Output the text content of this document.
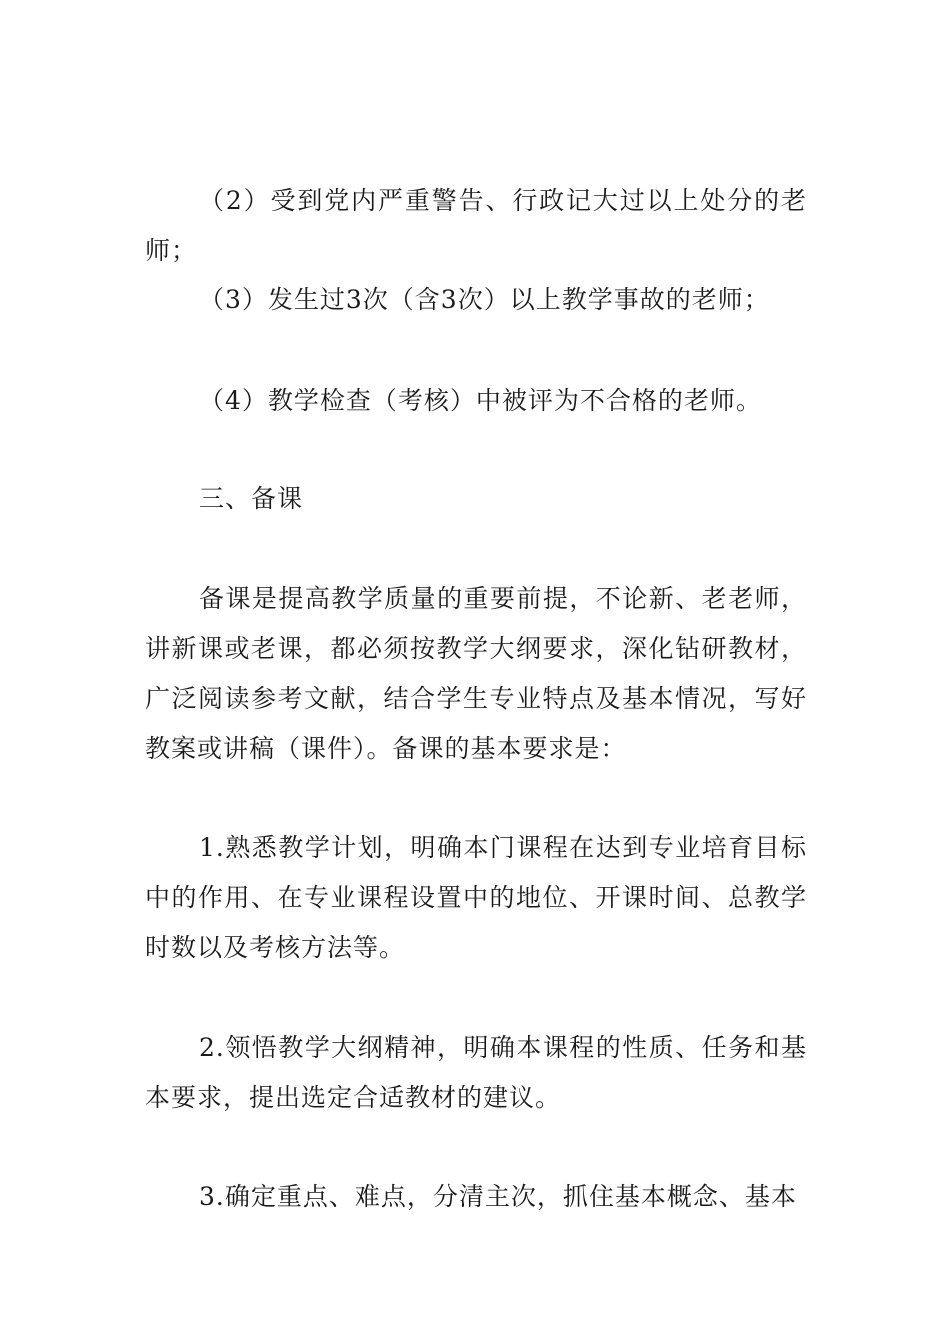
（2）受到党内严重警告、行政记大过以上处分的老师；

（3）发生过3次（含3次）以上教学事故的老师；

（4）教学检查（考核）中被评为不合格的老师。

三、备课

备课是提高教学质量的重要前提，不论新、老老师，讲新课或老课，都必须按教学大纲要求，深化钻研教材，广泛阅读参考文献，结合学生专业特点及基本情况，写好教案或讲稿（课件）。备课的基本要求是：

1.熟悉教学计划，明确本门课程在达到专业培育目标中的作用、在专业课程设置中的地位、开课时间、总教学时数以及考核方法等。

2.领悟教学大纲精神，明确本课程的性质、任务和基本要求，提出选定合适教材的建议。

3.确定重点、难点，分清主次，抓住基本概念、基本
